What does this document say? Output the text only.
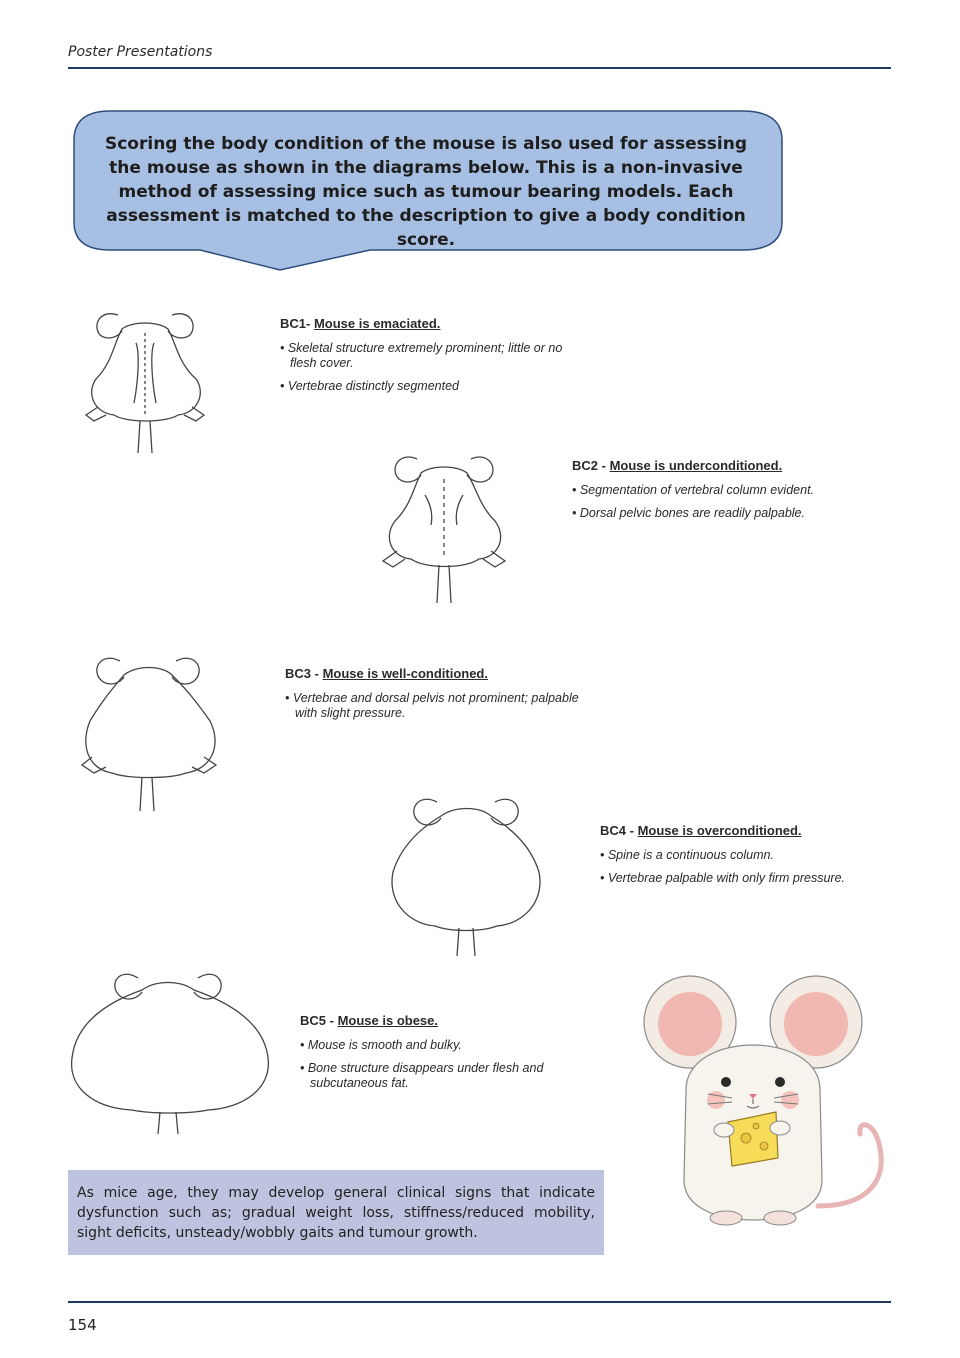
Poster Presentations
Scoring the body condition of the mouse is also used for assessing the mouse as shown in the diagrams below. This is a non-invasive method of assessing mice such as tumour bearing models. Each assessment is matched to the description to give a body condition score.
BC1- Mouse is emaciated.
• Skeletal structure extremely prominent; little or no flesh cover.
• Vertebrae distinctly segmented
BC2 - Mouse is underconditioned.
• Segmentation of vertebral column evident.
• Dorsal pelvic bones are readily palpable.
BC3 - Mouse is well-conditioned.
• Vertebrae and dorsal pelvis not prominent; palpable with slight pressure.
BC4 - Mouse is overconditioned.
• Spine is a continuous column.
• Vertebrae palpable with only firm pressure.
BC5 - Mouse is obese.
• Mouse is smooth and bulky.
• Bone structure disappears under flesh and subcutaneous fat.
As mice age, they may develop general clinical signs that indicate dysfunction such as; gradual weight loss, stiffness/reduced mobility, sight deficits, unsteady/wobbly gaits and tumour growth.
154
